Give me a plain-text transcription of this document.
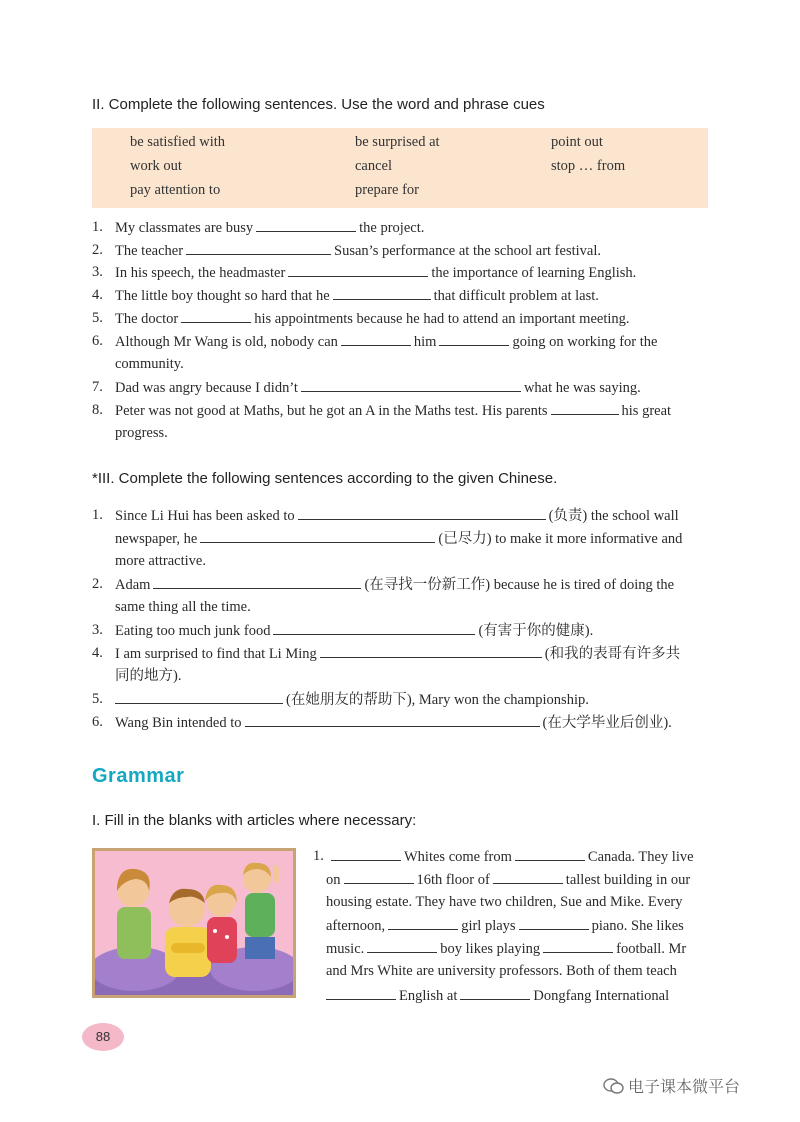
II. Complete the following sentences. Use the word and phrase cues
be satisfied with	be surprised at	point out
work out	cancel	stop … from
pay attention to	prepare for
1. My classmates are busy	the project.
2. The teacher	Susan’s performance at the school art festival.
3. In his speech, the headmaster	the importance of learning English.
4. The little boy thought so hard that he	that difficult problem at last.
5. The doctor	his appointments because he had to attend an important meeting.
6. Although Mr Wang is old, nobody can	him	going on working for the
community.
7. Dad was angry because I didn’t	what he was saying.
8. Peter was not good at Maths, but he got an A in the Maths test. His parents	his great
progress.
*III. Complete the following sentences according to the given Chinese.
1. Since Li Hui has been asked to	(负责) the school wall
newspaper, he	(已尽力) to make it more informative and
more attractive.
2. Adam	(在寻找一份新工作) because he is tired of doing the
same thing all the time.
3. Eating too much junk food	(有害于你的健康).
4. I am surprised to find that Li Ming	(和我的表哥有许多共
同的地方).
5.	(在她朋友的帮助下), Mary won the championship.
6. Wang Bin intended to	(在大学毕业后创业).
Grammar
I. Fill in the blanks with articles where necessary:
1.	Whites come from	Canada. They live
on	16th floor of	tallest building in our
housing estate. They have two children, Sue and Mike. Every
afternoon,	girl plays	piano. She likes
music.	boy likes playing	football. Mr
and Mrs White are university professors. Both of them teach
English at	Dongfang International
88
电子课本微平台
